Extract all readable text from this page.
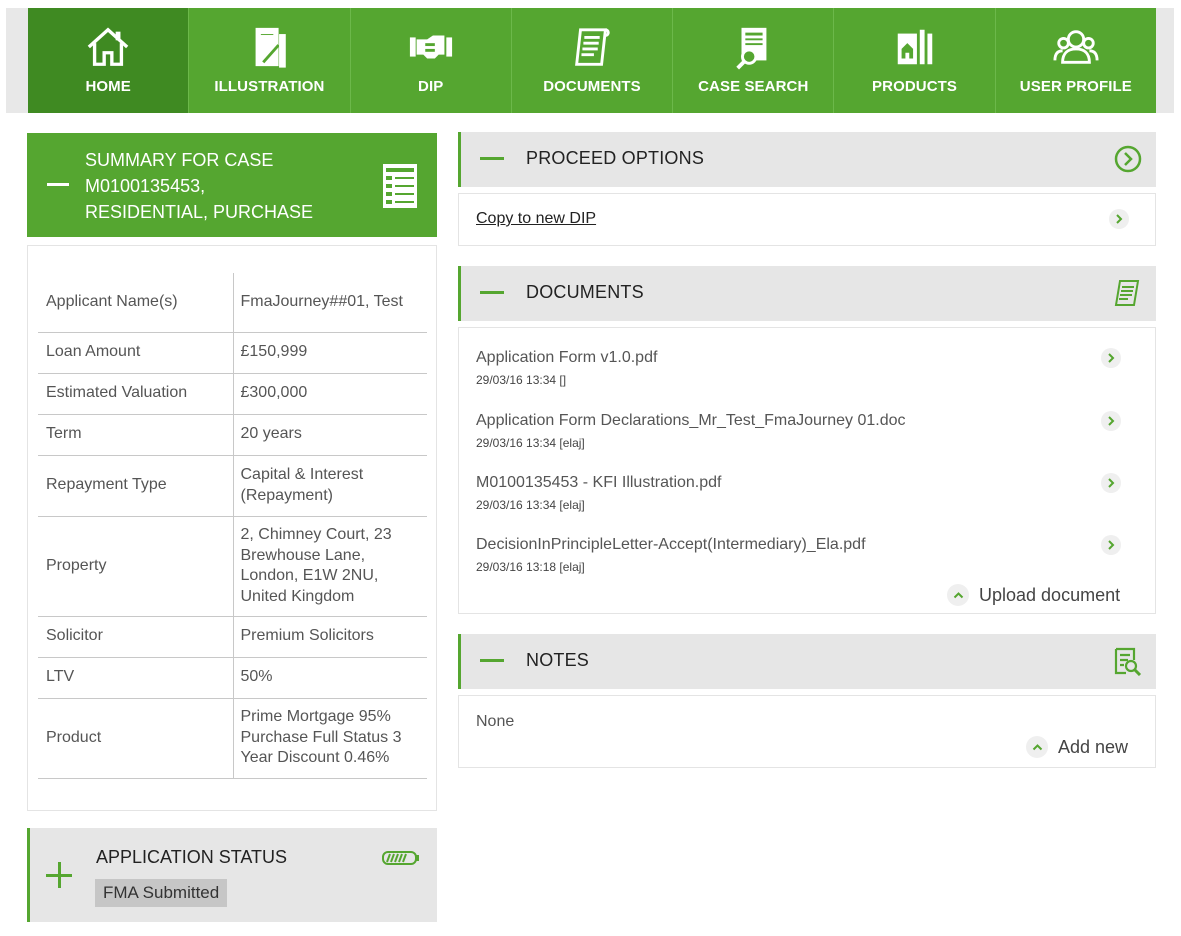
HOME	ILLUSTRATION	DIP	DOCUMENTS	CASE SEARCH	PRODUCTS	USER PROFILE
SUMMARY FOR CASE
M0100135453,
RESIDENTIAL, PURCHASE
Applicant Name(s)	FmaJourney##01, Test
Loan Amount	£150,999
Estimated Valuation	£300,000
Term	20 years
Repayment Type	Capital & Interest (Repayment)
Property	2, Chimney Court, 23 Brewhouse Lane, London, E1W 2NU, United Kingdom
Solicitor	Premium Solicitors
LTV	50%
Product	Prime Mortgage 95% Purchase Full Status 3 Year Discount 0.46%
APPLICATION STATUS
FMA Submitted
PROCEED OPTIONS
Copy to new DIP
DOCUMENTS
Application Form v1.0.pdf
29/03/16 13:34 []
Application Form Declarations_Mr_Test_FmaJourney 01.doc
29/03/16 13:34 [elaj]
M0100135453 - KFI Illustration.pdf
29/03/16 13:34 [elaj]
DecisionInPrincipleLetter-Accept(Intermediary)_Ela.pdf
29/03/16 13:18 [elaj]
Upload document
NOTES
None
Add new
